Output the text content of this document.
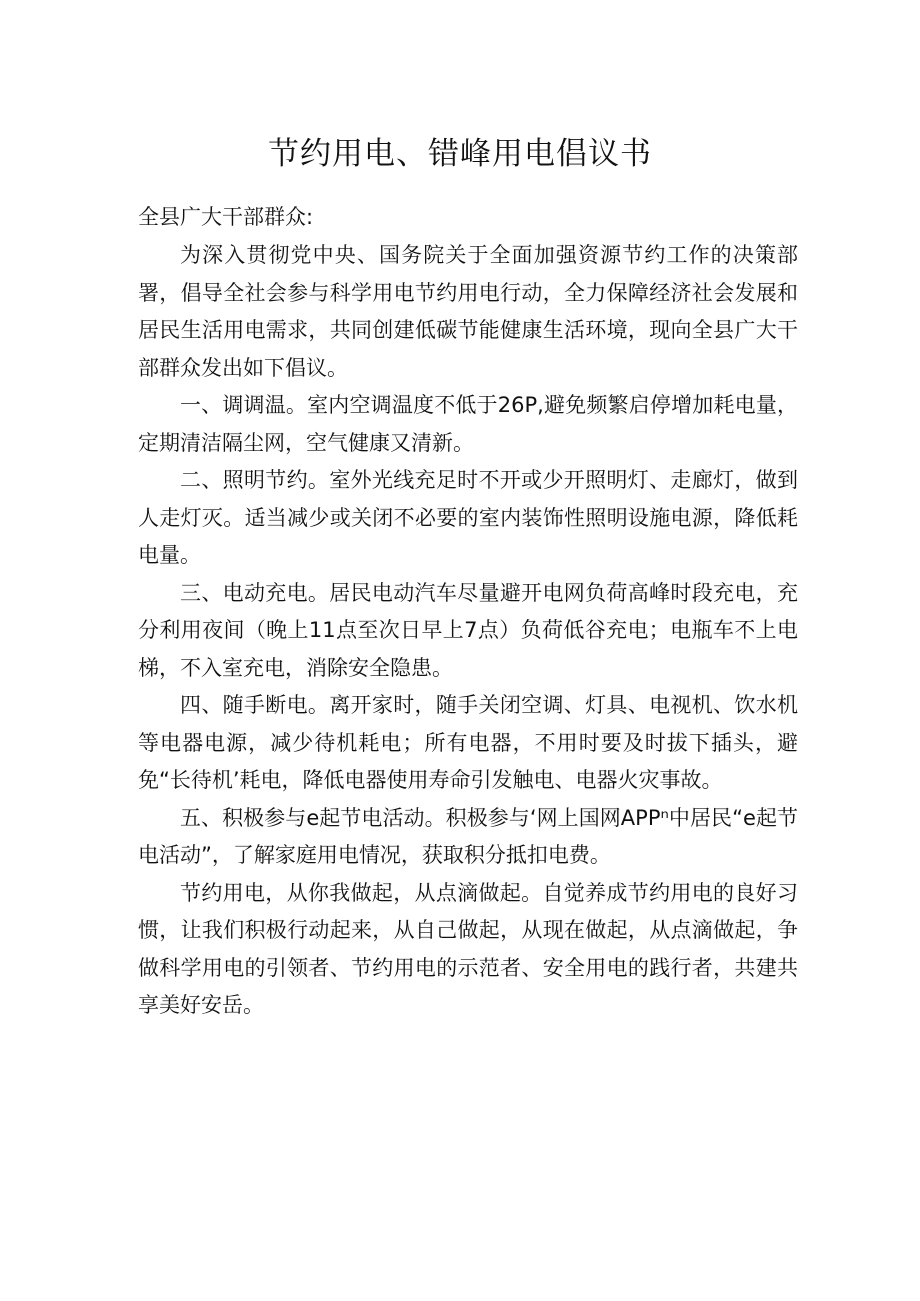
节约用电、错峰用电倡议书

全县广大干部群众:

为深入贯彻党中央、国务院关于全面加强资源节约工作的决策部署，倡导全社会参与科学用电节约用电行动，全力保障经济社会发展和居民生活用电需求，共同创建低碳节能健康生活环境，现向全县广大干部群众发出如下倡议。

一、调调温。室内空调温度不低于26P,避免频繁启停增加耗电量，定期清洁隔尘网，空气健康又清新。

二、照明节约。室外光线充足时不开或少开照明灯、走廊灯，做到人走灯灭。适当减少或关闭不必要的室内装饰性照明设施电源，降低耗电量。

三、电动充电。居民电动汽车尽量避开电网负荷高峰时段充电，充分利用夜间（晚上11点至次日早上7点）负荷低谷充电；电瓶车不上电梯，不入室充电，消除安全隐患。

四、随手断电。离开家时，随手关闭空调、灯具、电视机、饮水机等电器电源，减少待机耗电；所有电器，不用时要及时拔下插头，避免“长待机’耗电，降低电器使用寿命引发触电、电器火灾事故。

五、积极参与e起节电活动。积极参与‘网上国网APPⁿ中居民“e起节电活动”，了解家庭用电情况，获取积分抵扣电费。

节约用电，从你我做起，从点滴做起。自觉养成节约用电的良好习惯，让我们积极行动起来，从自己做起，从现在做起，从点滴做起，争做科学用电的引领者、节约用电的示范者、安全用电的践行者，共建共享美好安岳。
